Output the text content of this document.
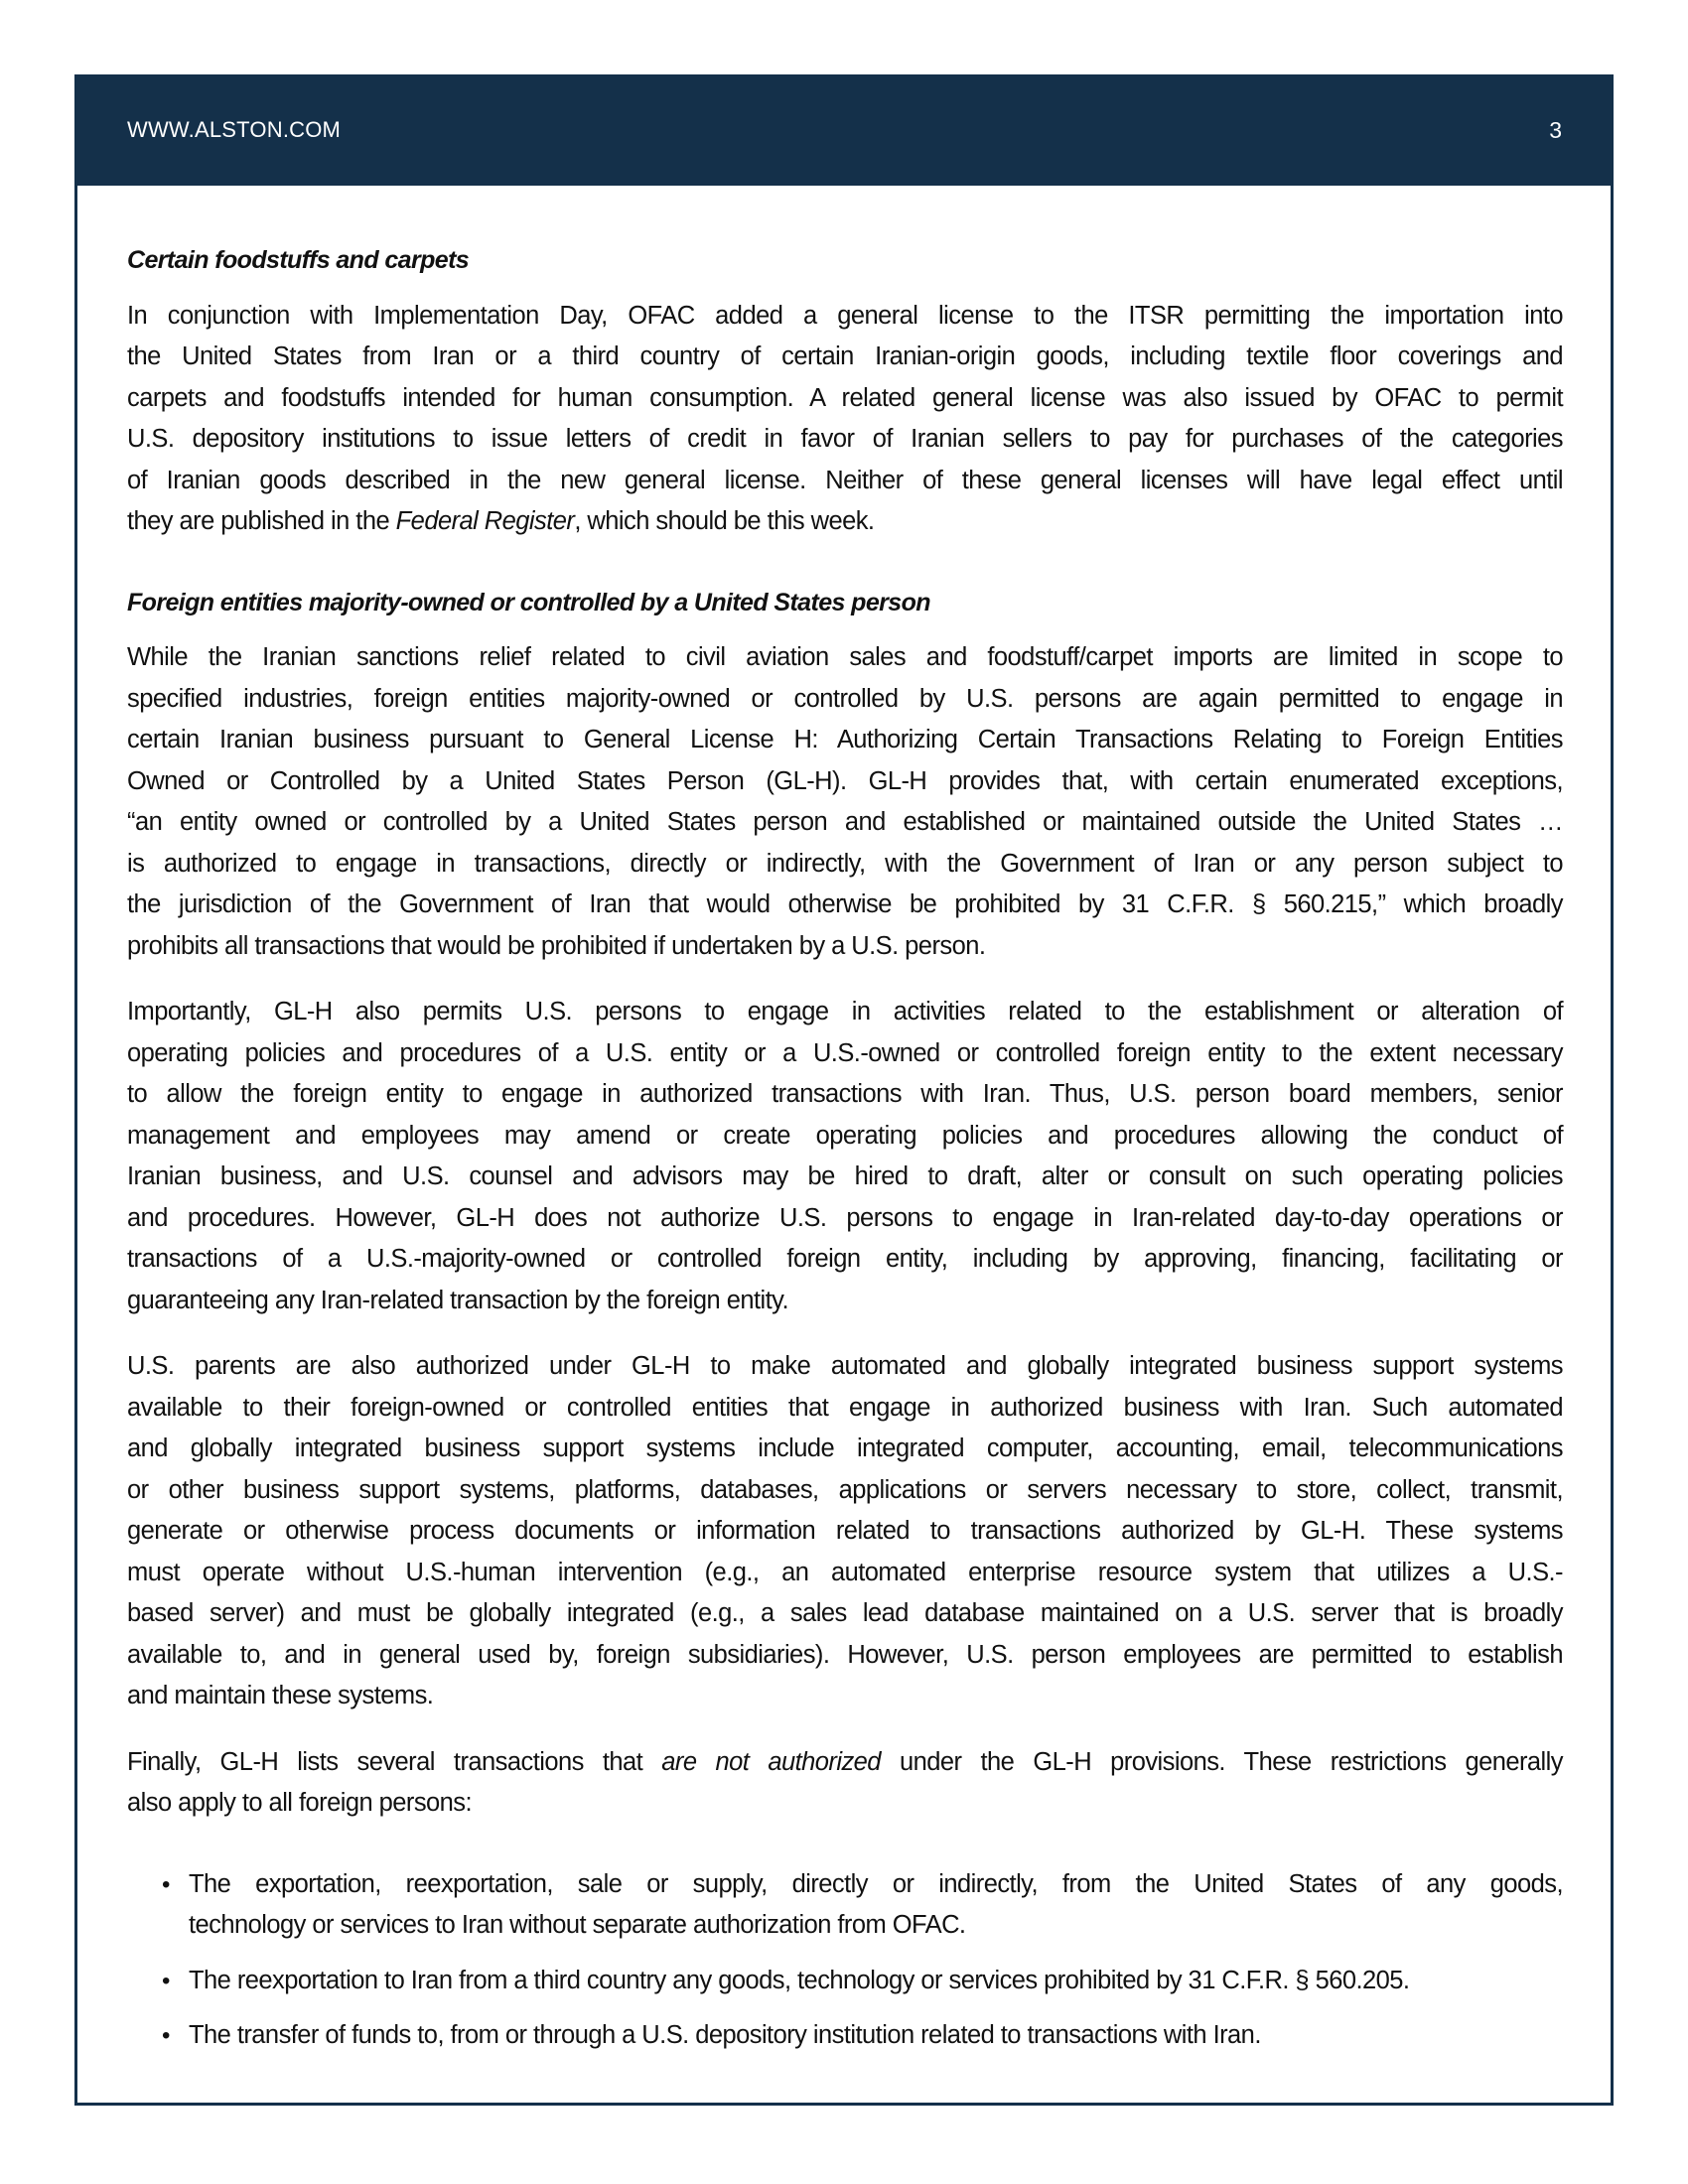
WWW.ALSTON.COM	3
Certain foodstuffs and carpets
In conjunction with Implementation Day, OFAC added a general license to the ITSR permitting the importation into
the United States from Iran or a third country of certain Iranian-origin goods, including textile floor coverings and
carpets and foodstuffs intended for human consumption. A related general license was also issued by OFAC to permit
U.S. depository institutions to issue letters of credit in favor of Iranian sellers to pay for purchases of the categories
of Iranian goods described in the new general license. Neither of these general licenses will have legal effect until
they are published in the Federal Register, which should be this week.
Foreign entities majority-owned or controlled by a United States person
While the Iranian sanctions relief related to civil aviation sales and foodstuff/carpet imports are limited in scope to
specified industries, foreign entities majority-owned or controlled by U.S. persons are again permitted to engage in
certain Iranian business pursuant to General License H: Authorizing Certain Transactions Relating to Foreign Entities
Owned or Controlled by a United States Person (GL-H). GL-H provides that, with certain enumerated exceptions,
“an entity owned or controlled by a United States person and established or maintained outside the United States …
is authorized to engage in transactions, directly or indirectly, with the Government of Iran or any person subject to
the jurisdiction of the Government of Iran that would otherwise be prohibited by 31 C.F.R. § 560.215,” which broadly
prohibits all transactions that would be prohibited if undertaken by a U.S. person.
Importantly, GL-H also permits U.S. persons to engage in activities related to the establishment or alteration of
operating policies and procedures of a U.S. entity or a U.S.-owned or controlled foreign entity to the extent necessary
to allow the foreign entity to engage in authorized transactions with Iran. Thus, U.S. person board members, senior
management and employees may amend or create operating policies and procedures allowing the conduct of
Iranian business, and U.S. counsel and advisors may be hired to draft, alter or consult on such operating policies
and procedures. However, GL-H does not authorize U.S. persons to engage in Iran-related day-to-day operations or
transactions of a U.S.-majority-owned or controlled foreign entity, including by approving, financing, facilitating or
guaranteeing any Iran-related transaction by the foreign entity.
U.S. parents are also authorized under GL-H to make automated and globally integrated business support systems
available to their foreign-owned or controlled entities that engage in authorized business with Iran. Such automated
and globally integrated business support systems include integrated computer, accounting, email, telecommunications
or other business support systems, platforms, databases, applications or servers necessary to store, collect, transmit,
generate or otherwise process documents or information related to transactions authorized by GL-H. These systems
must operate without U.S.-human intervention (e.g., an automated enterprise resource system that utilizes a U.S.-
based server) and must be globally integrated (e.g., a sales lead database maintained on a U.S. server that is broadly
available to, and in general used by, foreign subsidiaries). However, U.S. person employees are permitted to establish
and maintain these systems.
Finally, GL-H lists several transactions that are not authorized under the GL-H provisions. These restrictions generally
also apply to all foreign persons:
• The exportation, reexportation, sale or supply, directly or indirectly, from the United States of any goods,
technology or services to Iran without separate authorization from OFAC.
• The reexportation to Iran from a third country any goods, technology or services prohibited by 31 C.F.R. § 560.205.
• The transfer of funds to, from or through a U.S. depository institution related to transactions with Iran.
